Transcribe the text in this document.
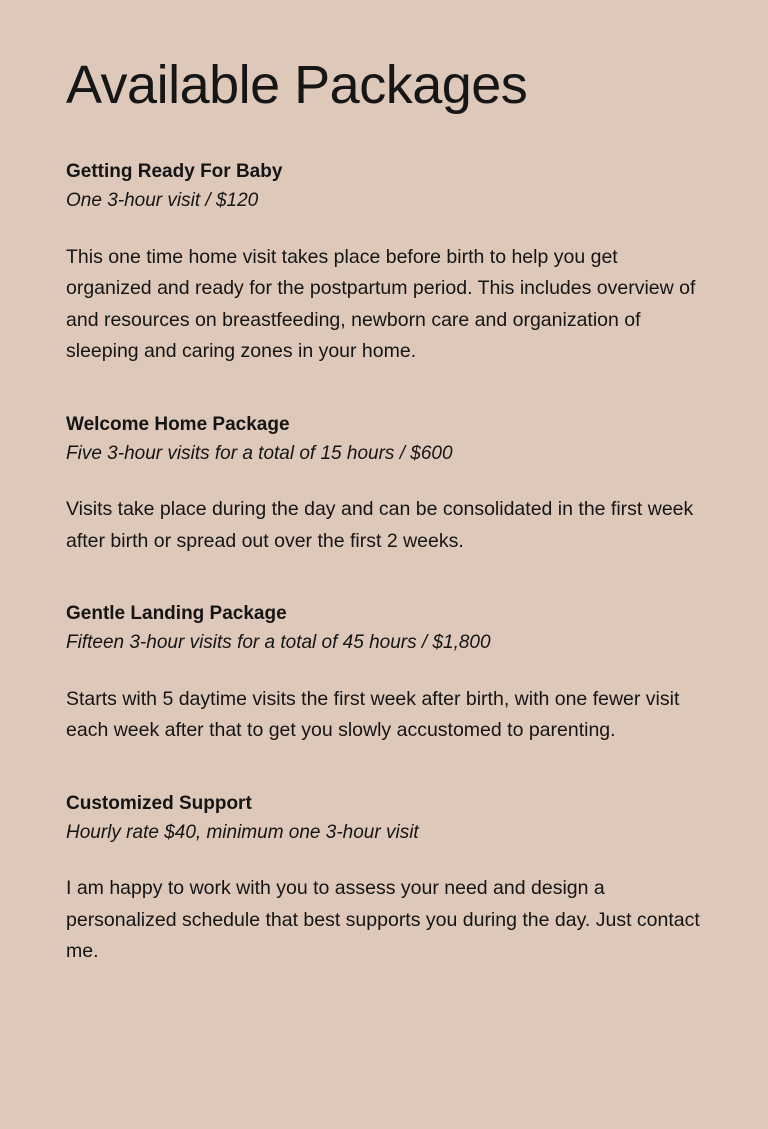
Available Packages
Getting Ready For Baby
One 3-hour visit / $120

This one time home visit takes place before birth to help you get organized and ready for the postpartum period. This includes overview of and resources on breastfeeding, newborn care and organization of sleeping and caring zones in your home.

Welcome Home Package
Five 3-hour visits for a total of 15 hours / $600

Visits take place during the day and can be consolidated in the first week after birth or spread out over the first 2 weeks.

Gentle Landing Package
Fifteen 3-hour visits for a total of 45 hours / $1,800

Starts with 5 daytime visits the first week after birth, with one fewer visit each week after that to get you slowly accustomed to parenting.

Customized Support
Hourly rate $40, minimum one 3-hour visit

I am happy to work with you to assess your need and design a personalized schedule that best supports you during the day. Just contact me.
